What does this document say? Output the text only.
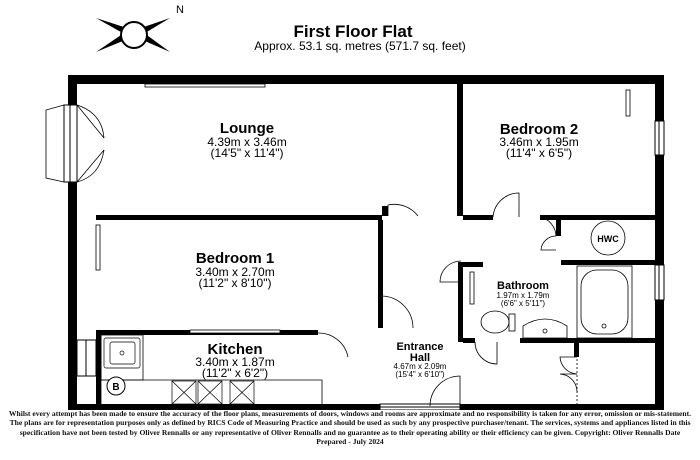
N
First Floor Flat
Approx. 53.1 sq. metres (571.7 sq. feet)
B
HWC
Lounge
4.39m x 3.46m
(14'5" x 11'4")
Bedroom 2
3.46m x 1.95m
(11'4" x 6'5")
Bedroom 1
3.40m x 2.70m
(11'2" x 8'10")
Kitchen
3.40m x 1.87m
(11'2" x 6'2")
Bathroom
1.97m x 1.79m
(6'6" x 5'11")
Entrance
Hall
4.67m x 2.09m
(15'4" x 6'10")
Whilst every attempt has been made to ensure the accuracy of the floor plans, measurements of doors, windows and rooms are approximate and no responsibility is taken for any error, omission or mis-statement. The plans are for representation purposes only as defined by RICS Code of Measuring Practice and should be used as such by any prospective purchaser/tenant. The services, systems and appliances listed in this specification have not been tested by Oliver Rennalls or any representative of Oliver Rennalls and no guarantee as to their operating ability or their efficiency can be given. Copyright: Oliver Rennalls Date Prepared - July 2024
